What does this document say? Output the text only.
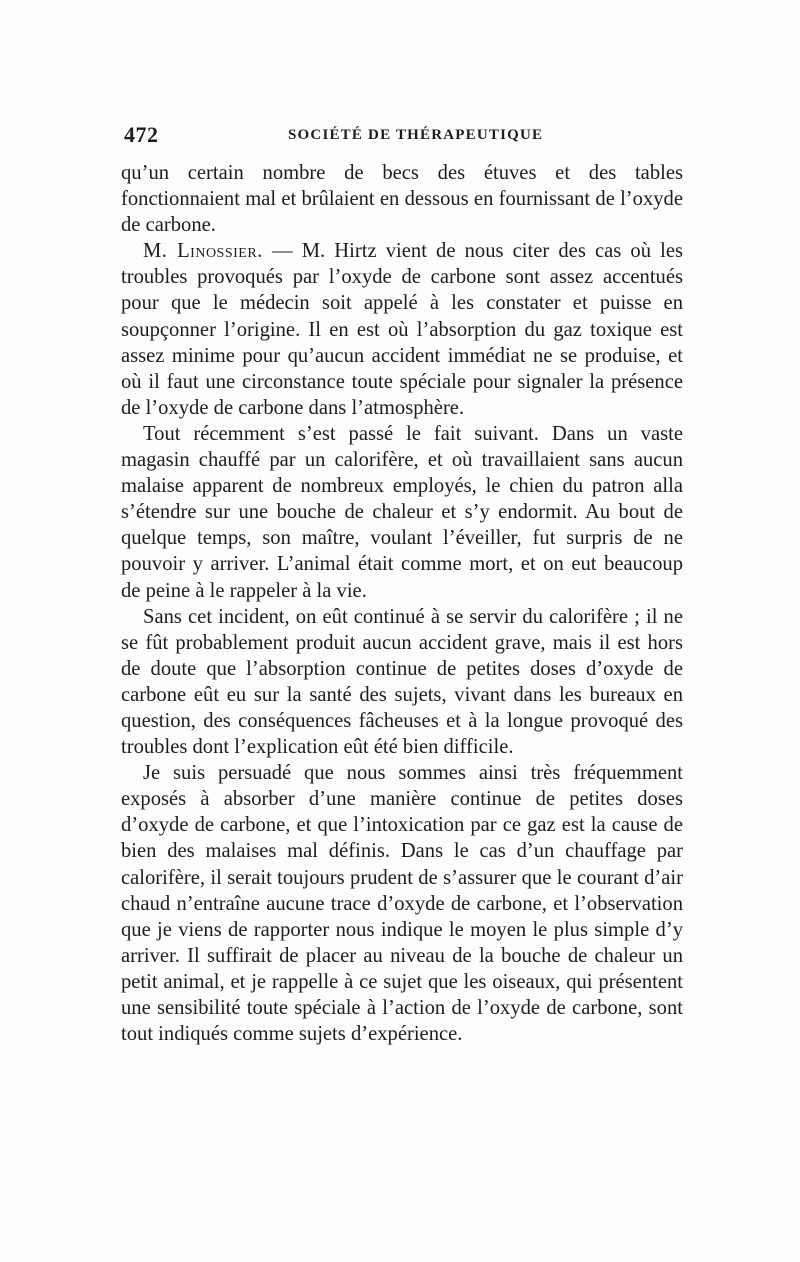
472	SOCIÉTÉ DE THÉRAPEUTIQUE

qu’un certain nombre de becs des étuves et des tables fonctionnaient mal et brûlaient en dessous en fournissant de l’oxyde de carbone.

M. Linossier. — M. Hirtz vient de nous citer des cas où les troubles provoqués par l’oxyde de carbone sont assez accentués pour que le médecin soit appelé à les constater et puisse en soupçonner l’origine. Il en est où l’absorption du gaz toxique est assez minime pour qu’aucun accident immédiat ne se produise, et où il faut une circonstance toute spéciale pour signaler la présence de l’oxyde de carbone dans l’atmosphère.

Tout récemment s’est passé le fait suivant. Dans un vaste magasin chauffé par un calorifère, et où travaillaient sans aucun malaise apparent de nombreux employés, le chien du patron alla s’étendre sur une bouche de chaleur et s’y endormit. Au bout de quelque temps, son maître, voulant l’éveiller, fut surpris de ne pouvoir y arriver. L’animal était comme mort, et on eut beaucoup de peine à le rappeler à la vie.

Sans cet incident, on eût continué à se servir du calorifère ; il ne se fût probablement produit aucun accident grave, mais il est hors de doute que l’absorption continue de petites doses d’oxyde de carbone eût eu sur la santé des sujets, vivant dans les bureaux en question, des conséquences fâcheuses et à la longue provoqué des troubles dont l’explication eût été bien difficile.

Je suis persuadé que nous sommes ainsi très fréquemment exposés à absorber d’une manière continue de petites doses d’oxyde de carbone, et que l’intoxication par ce gaz est la cause de bien des malaises mal définis. Dans le cas d’un chauffage par calorifère, il serait toujours prudent de s’assurer que le courant d’air chaud n’entraîne aucune trace d’oxyde de carbone, et l’observation que je viens de rapporter nous indique le moyen le plus simple d’y arriver. Il suffirait de placer au niveau de la bouche de chaleur un petit animal, et je rappelle à ce sujet que les oiseaux, qui présentent une sensibilité toute spéciale à l’action de l’oxyde de carbone, sont tout indiqués comme sujets d’expérience.
